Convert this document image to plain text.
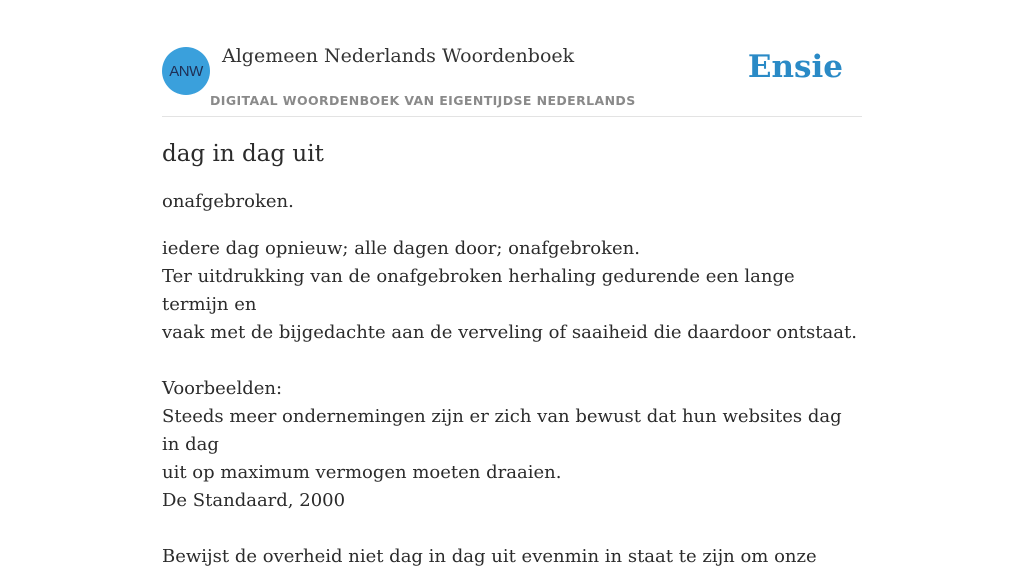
ANW
Algemeen Nederlands Woordenboek
DIGITAAL WOORDENBOEK VAN EIGENTIJDSE NEDERLANDS
Ensie
dag in dag uit

onafgebroken.

iedere dag opnieuw; alle dagen door; onafgebroken.
Ter uitdrukking van de onafgebroken herhaling gedurende een lange termijn en
vaak met de bijgedachte aan de verveling of saaiheid die daardoor ontstaat.
Voorbeelden:
Steeds meer ondernemingen zijn er zich van bewust dat hun websites dag in dag
uit op maximum vermogen moeten draaien.
De Standaard, 2000
Bewijst de overheid niet dag in dag uit evenmin in staat te zijn om onze
